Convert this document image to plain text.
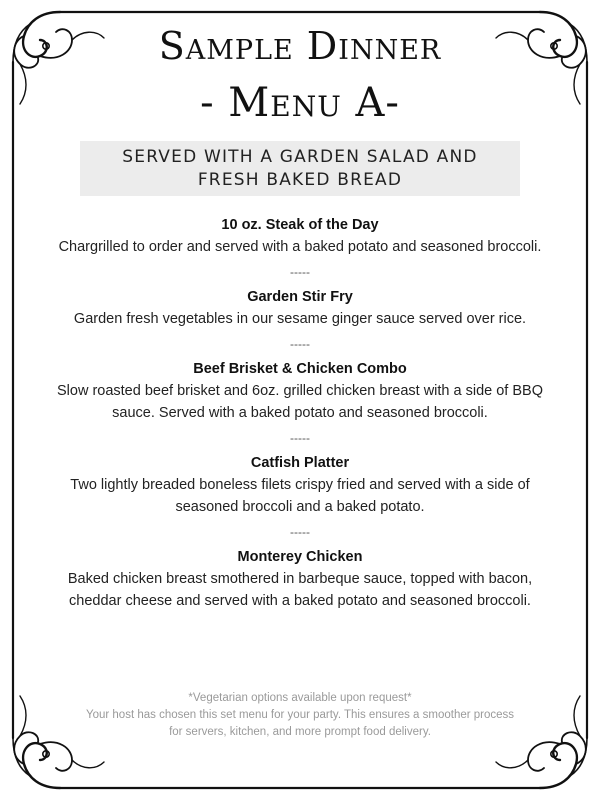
Sample Dinner
- Menu A-
SERVED WITH A GARDEN SALAD AND
FRESH BAKED BREAD

10 oz. Steak of the Day

Chargrilled to order and served with a baked potato and seasoned broccoli.

-----

Garden Stir Fry

Garden fresh vegetables in our sesame ginger sauce served over rice.

-----

Beef Brisket & Chicken Combo

Slow roasted beef brisket and 6oz. grilled chicken breast with a side of BBQ

sauce. Served with a baked potato and seasoned broccoli.

-----

Catfish Platter

Two lightly breaded boneless filets crispy fried and served with a side of

seasoned broccoli and a baked potato.

-----

Monterey Chicken

Baked chicken breast smothered in barbeque sauce, topped with bacon,

cheddar cheese and served with a baked potato and seasoned broccoli.

*Vegetarian options available upon request*
Your host has chosen this set menu for your party. This ensures a smoother process
for servers, kitchen, and more prompt food delivery.
